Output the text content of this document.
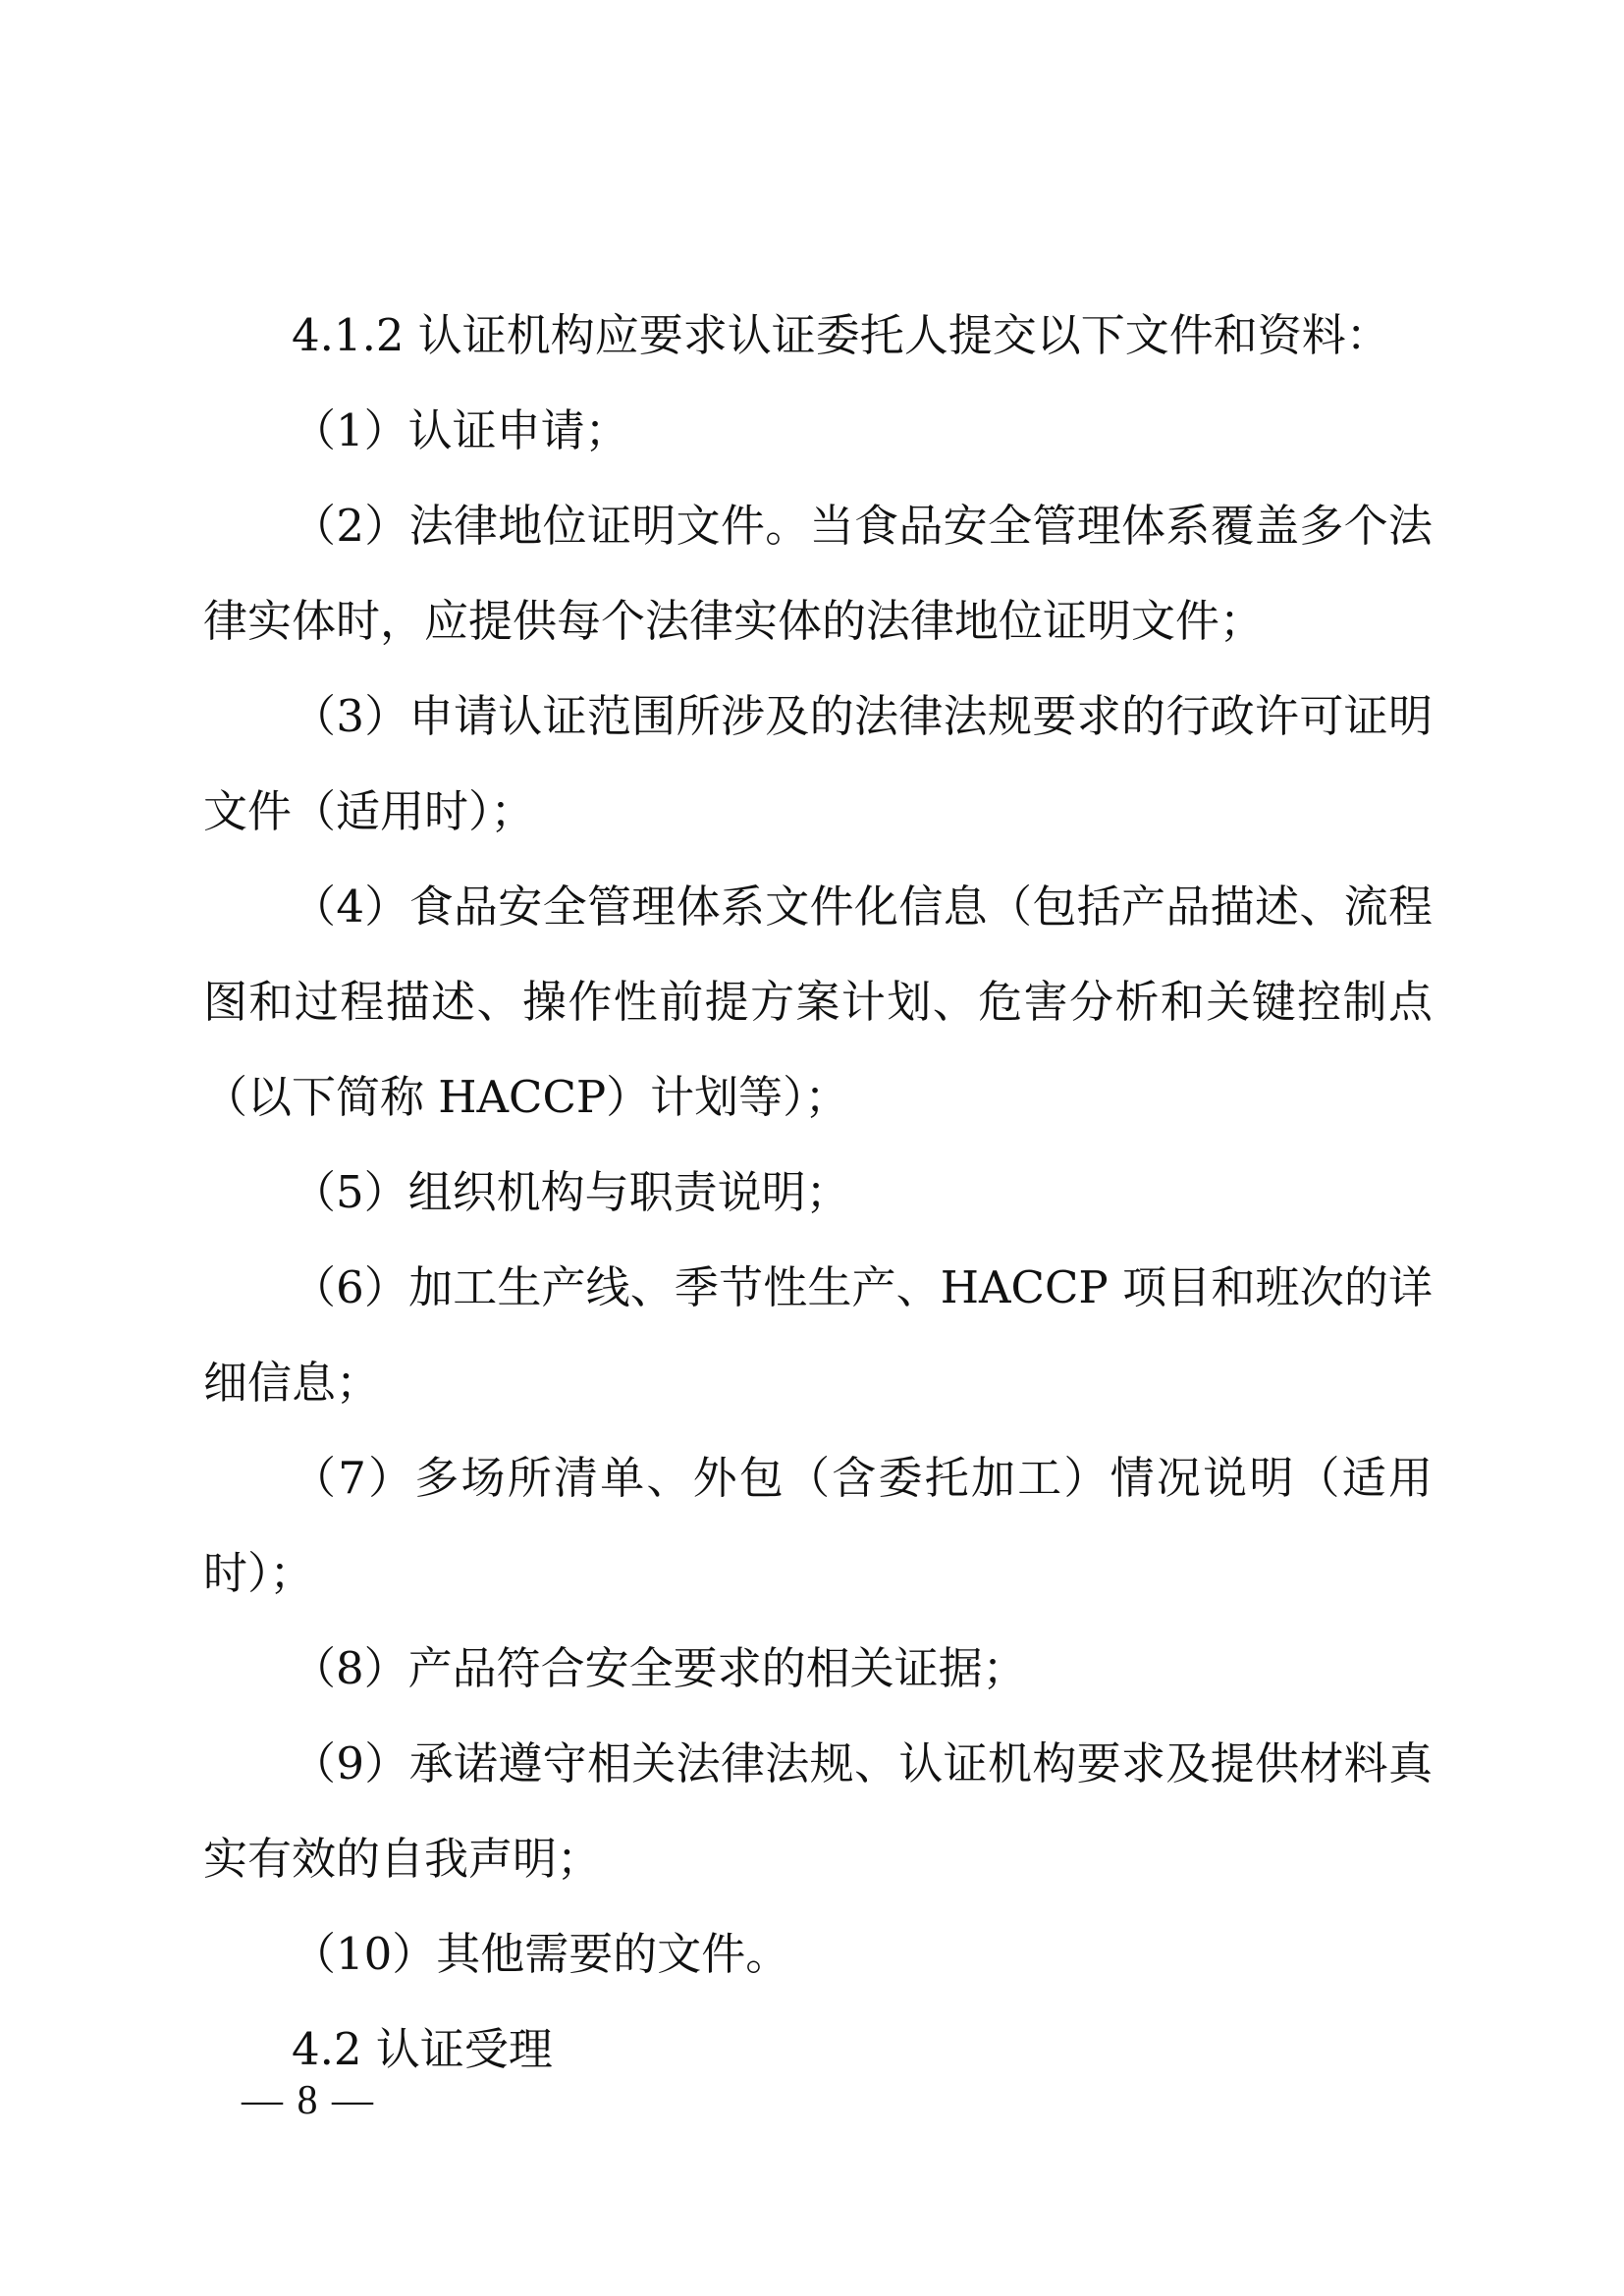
4.1.2 认证机构应要求认证委托人提交以下文件和资料：

（1）认证申请；

（2）法律地位证明文件。当食品安全管理体系覆盖多个法律实体时，应提供每个法律实体的法律地位证明文件；

（3）申请认证范围所涉及的法律法规要求的行政许可证明文件（适用时）；

（4）食品安全管理体系文件化信息（包括产品描述、流程图和过程描述、操作性前提方案计划、危害分析和关键控制点（以下简称 HACCP）计划等）；

（5）组织机构与职责说明；

（6）加工生产线、季节性生产、HACCP 项目和班次的详细信息；

（7）多场所清单、外包（含委托加工）情况说明（适用时）；

（8）产品符合安全要求的相关证据；

（9）承诺遵守相关法律法规、认证机构要求及提供材料真实有效的自我声明；

（10）其他需要的文件。

4.2 认证受理

— 8 —
